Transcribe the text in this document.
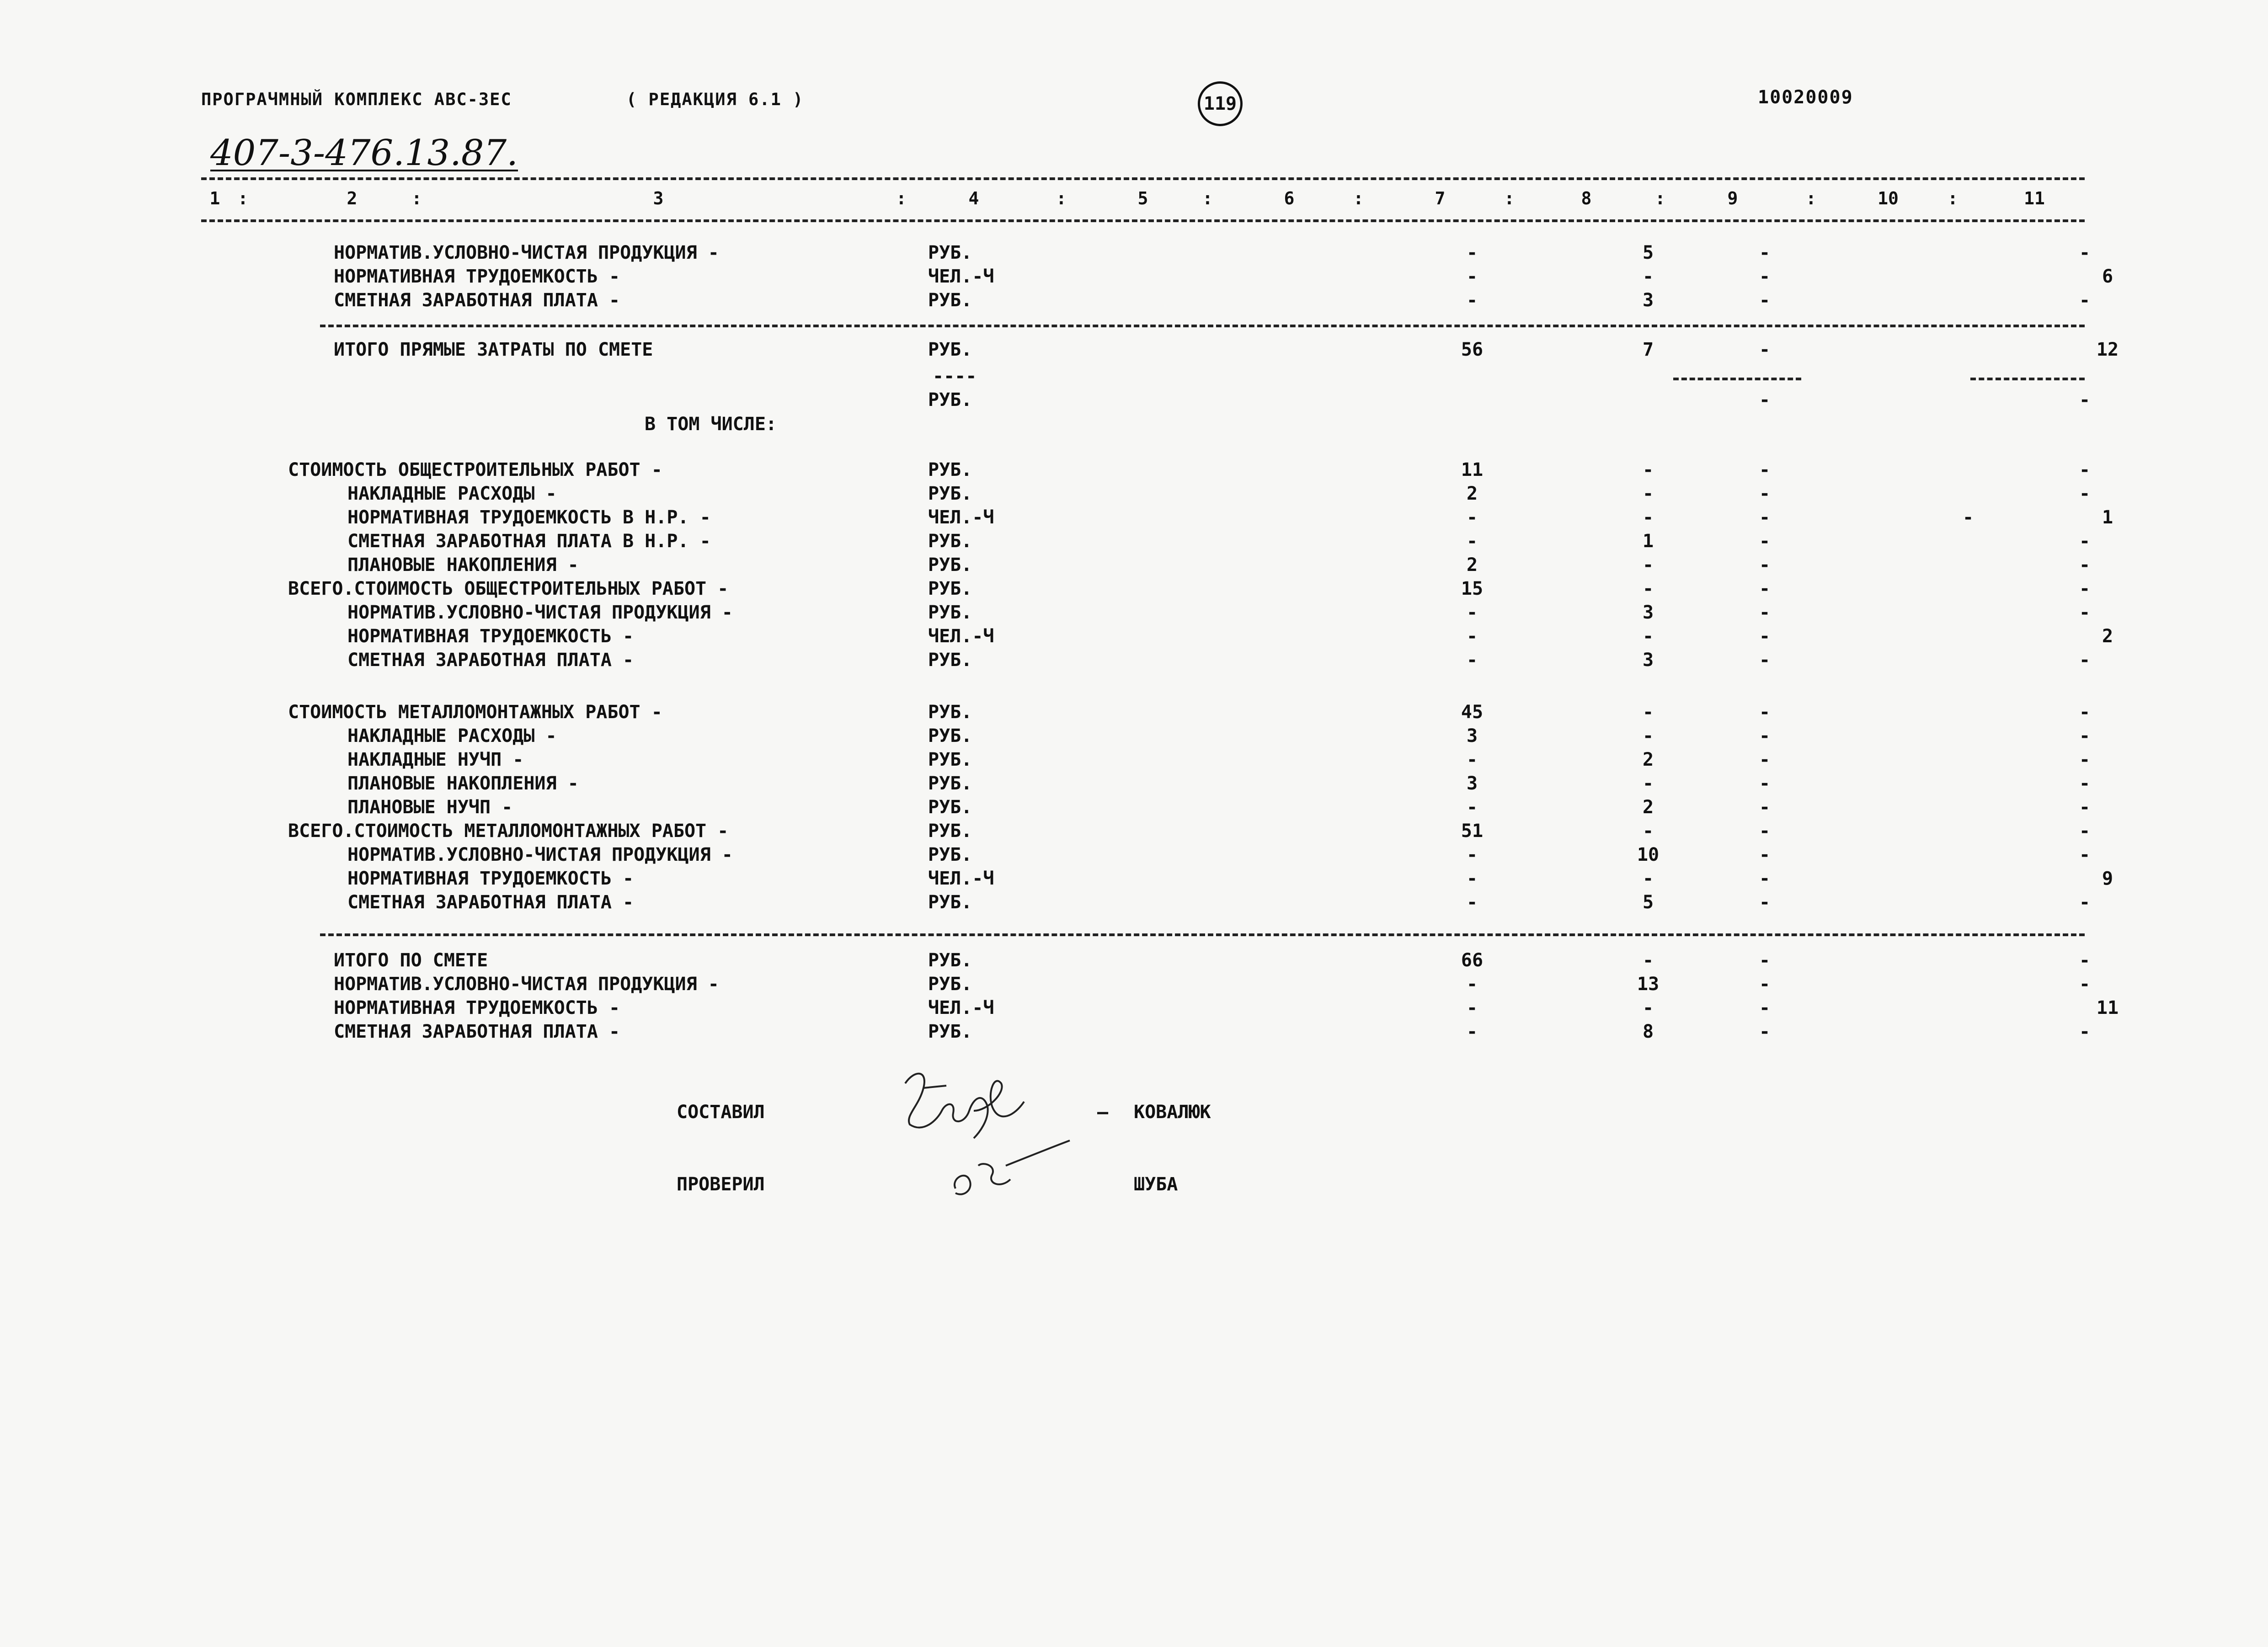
ПРОГРАЧМНЫЙ КОМПЛЕКС АВС-3ЕС	( РЕДАКЦИЯ 6.1 )	119	10020009
407-3-476.13.87.
1	2	3	4	5	6	7	8	9	10	11
:	:	:	:	:	:	:	:	:	:
НОРМАТИВ.УСЛОВНО-ЧИСТАЯ ПРОДУКЦИЯ -	РУБ.	-	5	-	-
НОРМАТИВНАЯ ТРУДОЕМКОСТЬ -	ЧЕЛ.-Ч	-	-	-	6
СМЕТНАЯ ЗАРАБОТНАЯ ПЛАТА -	РУБ.	-	3	-	-
ИТОГО ПРЯМЫЕ ЗАТРАТЫ ПО СМЕТЕ	РУБ.	56	7	-	12
----
РУБ.	-	-
В ТОМ ЧИСЛЕ:
СТОИМОСТЬ ОБЩЕСТРОИТЕЛЬНЫХ РАБОТ -	РУБ.	11	-	-	-
НАКЛАДНЫЕ РАСХОДЫ -	РУБ.	2	-	-	-
НОРМАТИВНАЯ ТРУДОЕМКОСТЬ В Н.Р. -	ЧЕЛ.-Ч	-	-	-	-	1
СМЕТНАЯ ЗАРАБОТНАЯ ПЛАТА В Н.Р. -	РУБ.	-	1	-	-
ПЛАНОВЫЕ НАКОПЛЕНИЯ -	РУБ.	2	-	-	-
ВСЕГО.СТОИМОСТЬ ОБЩЕСТРОИТЕЛЬНЫХ РАБОТ -	РУБ.	15	-	-	-
НОРМАТИВ.УСЛОВНО-ЧИСТАЯ ПРОДУКЦИЯ -	РУБ.	-	3	-	-
НОРМАТИВНАЯ ТРУДОЕМКОСТЬ -	ЧЕЛ.-Ч	-	-	-	2
СМЕТНАЯ ЗАРАБОТНАЯ ПЛАТА -	РУБ.	-	3	-	-
СТОИМОСТЬ МЕТАЛЛОМОНТАЖНЫХ РАБОТ -	РУБ.	45	-	-	-
НАКЛАДНЫЕ РАСХОДЫ -	РУБ.	3	-	-	-
НАКЛАДНЫЕ НУЧП -	РУБ.	-	2	-	-
ПЛАНОВЫЕ НАКОПЛЕНИЯ -	РУБ.	3	-	-	-
ПЛАНОВЫЕ НУЧП -	РУБ.	-	2	-	-
ВСЕГО.СТОИМОСТЬ МЕТАЛЛОМОНТАЖНЫХ РАБОТ -	РУБ.	51	-	-	-
НОРМАТИВ.УСЛОВНО-ЧИСТАЯ ПРОДУКЦИЯ -	РУБ.	-	10	-	-
НОРМАТИВНАЯ ТРУДОЕМКОСТЬ -	ЧЕЛ.-Ч	-	-	-	9
СМЕТНАЯ ЗАРАБОТНАЯ ПЛАТА -	РУБ.	-	5	-	-
ИТОГО ПО СМЕТЕ	РУБ.	66	-	-	-
НОРМАТИВ.УСЛОВНО-ЧИСТАЯ ПРОДУКЦИЯ -	РУБ.	-	13	-	-
НОРМАТИВНАЯ ТРУДОЕМКОСТЬ -	ЧЕЛ.-Ч	-	-	-	11
СМЕТНАЯ ЗАРАБОТНАЯ ПЛАТА -	РУБ.	-	8	-	-
СОСТАВИЛ	— КОВАЛЮК
ПРОВЕРИЛ	ШУБА
